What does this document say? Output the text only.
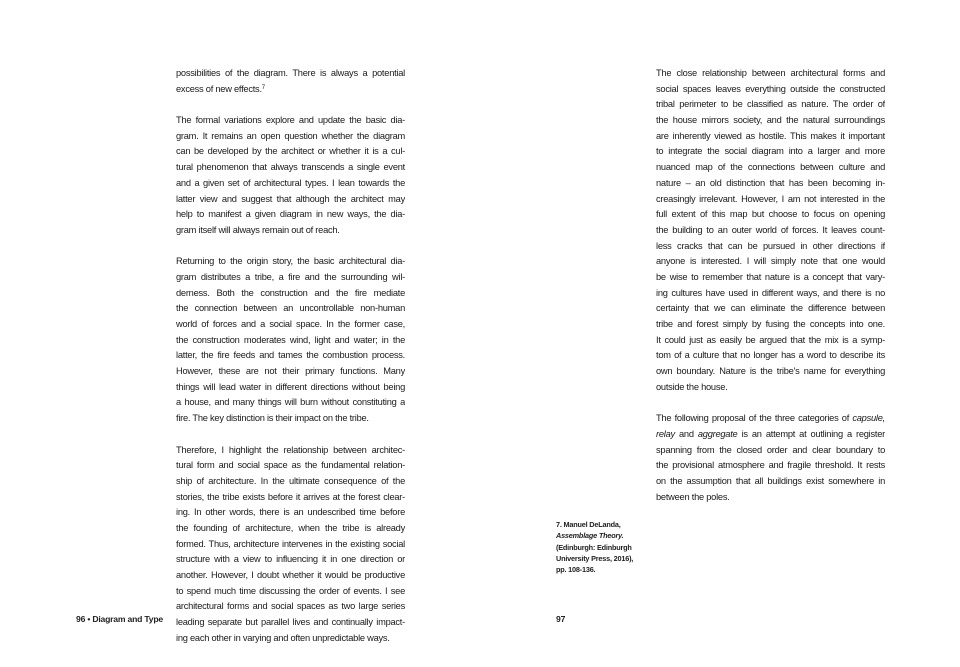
possibilities of the diagram. There is always a potential
excess of new effects.$^7$

The formal variations explore and update the basic dia-
gram. It remains an open question whether the diagram
can be developed by the architect or whether it is a cul-
tural phenomenon that always transcends a single event
and a given set of architectural types. I lean towards the
latter view and suggest that although the architect may
help to manifest a given diagram in new ways, the dia-
gram itself will always remain out of reach.

Returning to the origin story, the basic architectural dia-
gram distributes a tribe, a fire and the surrounding wil-
derness. Both the construction and the fire mediate
the connection between an uncontrollable non-human
world of forces and a social space. In the former case,
the construction moderates wind, light and water; in the
latter, the fire feeds and tames the combustion process.
However, these are not their primary functions. Many
things will lead water in different directions without being
a house, and many things will burn without constituting a
fire. The key distinction is their impact on the tribe.

Therefore, I highlight the relationship between architec-
tural form and social space as the fundamental relation-
ship of architecture. In the ultimate consequence of the
stories, the tribe exists before it arrives at the forest clear-
ing. In other words, there is an undescribed time before
the founding of architecture, when the tribe is already
formed. Thus, architecture intervenes in the existing social
structure with a view to influencing it in one direction or
another. However, I doubt whether it would be productive
to spend much time discussing the order of events. I see
architectural forms and social spaces as two large series
leading separate but parallel lives and continually impact-
ing each other in varying and often unpredictable ways.

96 • Diagram and Type

The close relationship between architectural forms and
social spaces leaves everything outside the constructed
tribal perimeter to be classified as nature. The order of
the house mirrors society, and the natural surroundings
are inherently viewed as hostile. This makes it important
to integrate the social diagram into a larger and more
nuanced map of the connections between culture and
nature – an old distinction that has been becoming in-
creasingly irrelevant. However, I am not interested in the
full extent of this map but choose to focus on opening
the building to an outer world of forces. It leaves count-
less cracks that can be pursued in other directions if
anyone is interested. I will simply note that one would
be wise to remember that nature is a concept that vary-
ing cultures have used in different ways, and there is no
certainty that we can eliminate the difference between
tribe and forest simply by fusing the concepts into one.
It could just as easily be argued that the mix is a symp-
tom of a culture that no longer has a word to describe its
own boundary. Nature is the tribe's name for everything
outside the house.

The following proposal of the three categories of capsule,
relay and aggregate is an attempt at outlining a register
spanning from the closed order and clear boundary to
the provisional atmosphere and fragile threshold. It rests
on the assumption that all buildings exist somewhere in
between the poles.

7. Manuel DeLanda,
Assemblage Theory.
(Edinburgh: Edinburgh
University Press, 2016),
pp. 108-136.
97
